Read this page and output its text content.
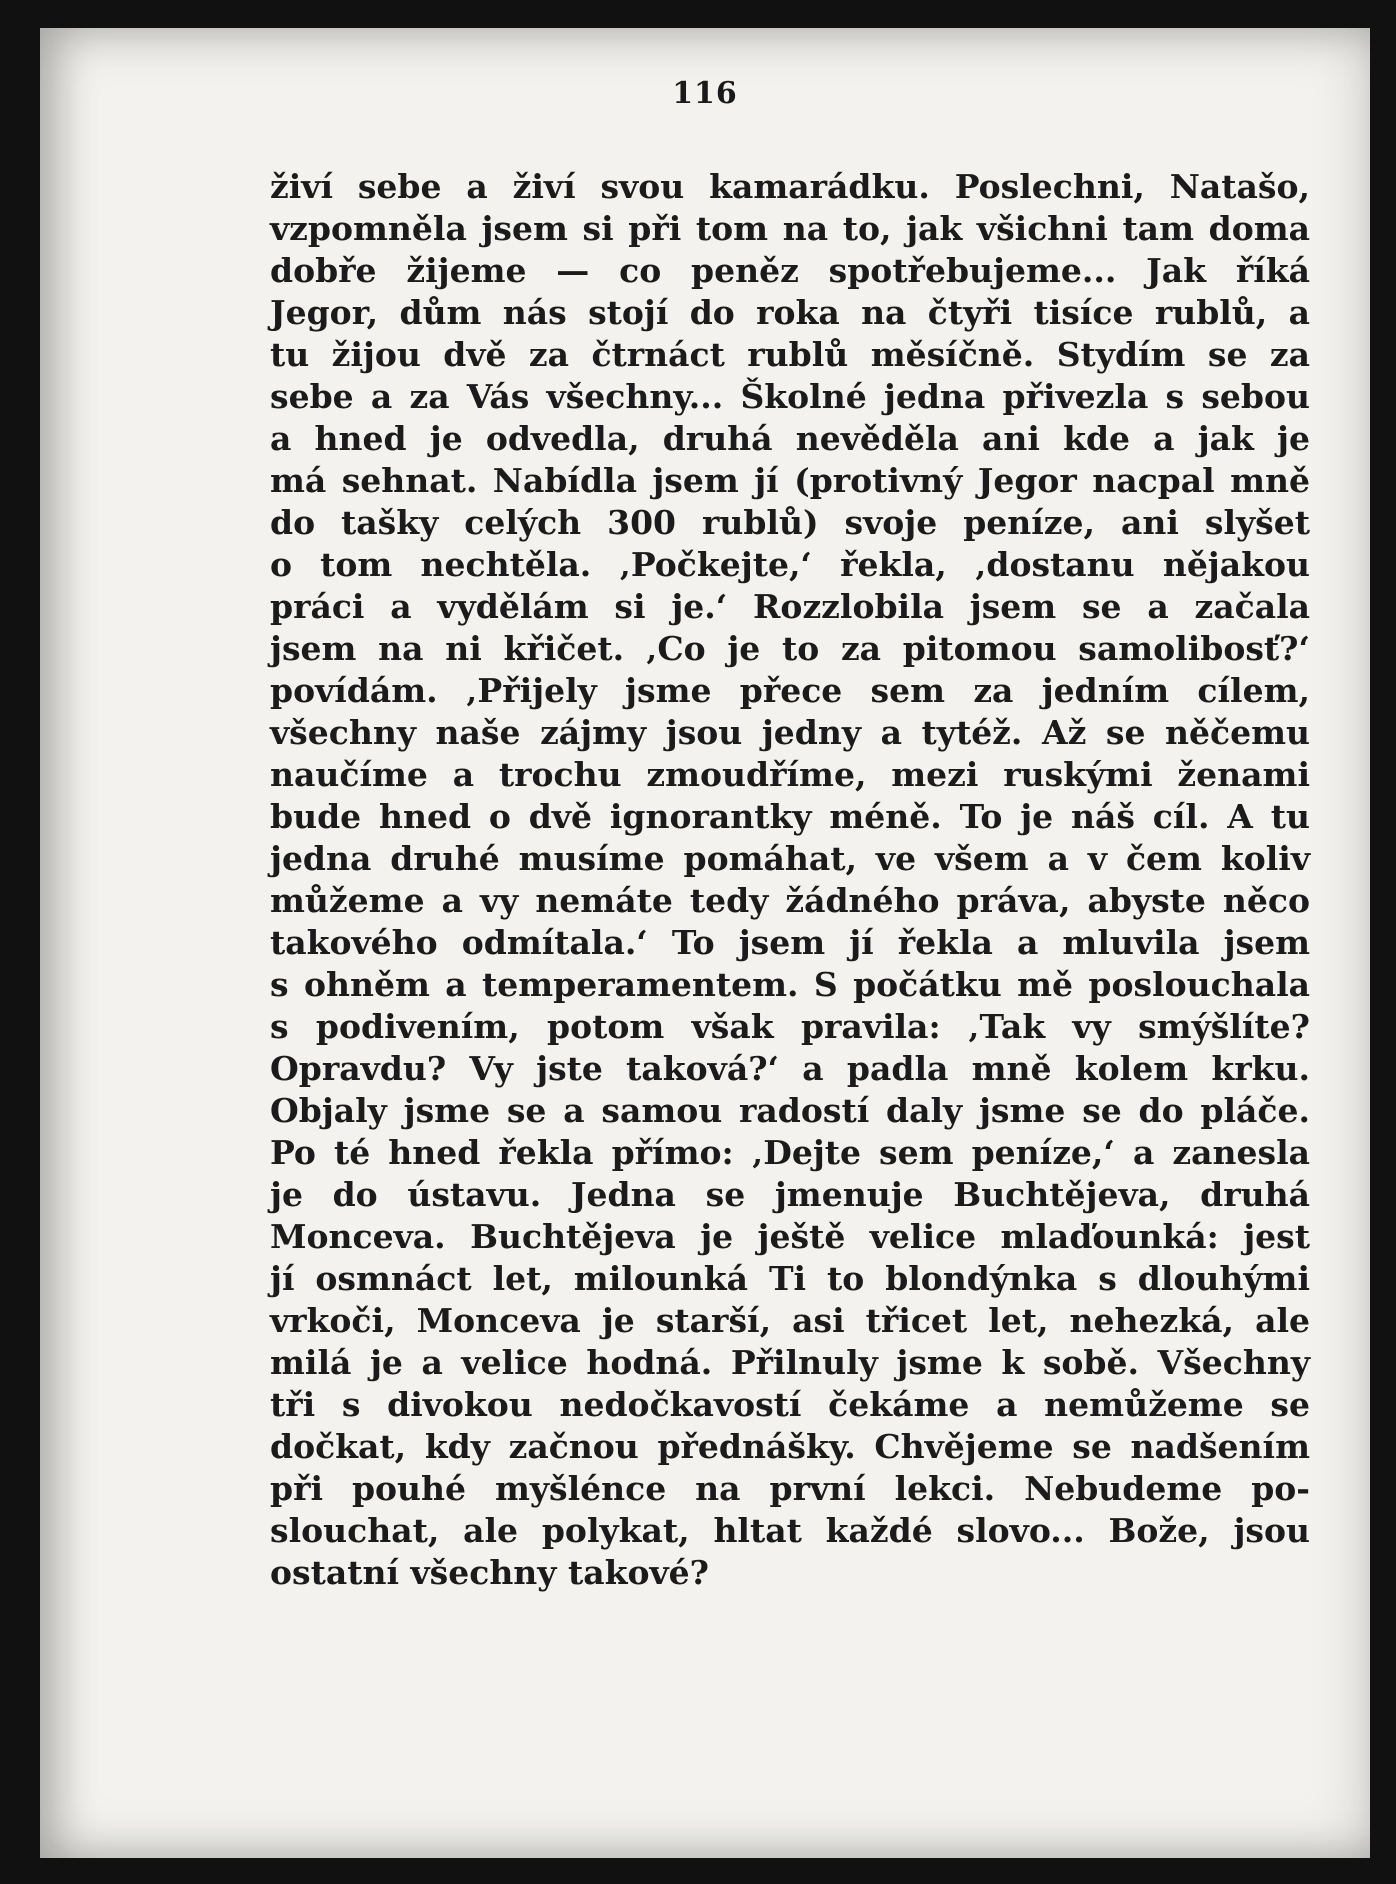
116
živí sebe a živí svou kamarádku. Poslechni, Natašo,
vzpomněla jsem si při tom na to, jak všichni tam doma
dobře žijeme — co peněz spotřebujeme... Jak říká
Jegor, dům nás stojí do roka na čtyři tisíce rublů, a
tu žijou dvě za čtrnáct rublů měsíčně. Stydím se za
sebe a za Vás všechny... Školné jedna přivezla s sebou
a hned je odvedla, druhá nevěděla ani kde a jak je
má sehnat. Nabídla jsem jí (protivný Jegor nacpal mně
do tašky celých 300 rublů) svoje peníze, ani slyšet
o tom nechtěla. ‚Počkejte,‘ řekla, ‚dostanu nějakou
práci a vydělám si je.‘ Rozzlobila jsem se a začala
jsem na ni křičet. ‚Co je to za pitomou samolibosť?‘
povídám. ‚Přijely jsme přece sem za jedním cílem,
všechny naše zájmy jsou jedny a tytéž. Až se něčemu
naučíme a trochu zmoudříme, mezi ruskými ženami
bude hned o dvě ignorantky méně. To je náš cíl. A tu
jedna druhé musíme pomáhat, ve všem a v čem koliv
můžeme a vy nemáte tedy žádného práva, abyste něco
takového odmítala.‘ To jsem jí řekla a mluvila jsem
s ohněm a temperamentem. S počátku mě poslouchala
s podivením, potom však pravila: ‚Tak vy smýšlíte?
Opravdu? Vy jste taková?‘ a padla mně kolem krku.
Objaly jsme se a samou radostí daly jsme se do pláče.
Po té hned řekla přímo: ‚Dejte sem peníze,‘ a zanesla
je do ústavu. Jedna se jmenuje Buchtějeva, druhá
Monceva. Buchtějeva je ještě velice mlaďounká: jest
jí osmnáct let, milounká Ti to blondýnka s dlouhými
vrkoči, Monceva je starší, asi třicet let, nehezká, ale
milá je a velice hodná. Přilnuly jsme k sobě. Všechny
tři s divokou nedočkavostí čekáme a nemůžeme se
dočkat, kdy začnou přednášky. Chvějeme se nadšením
při pouhé myšlénce na první lekci. Nebudeme po-
slouchat, ale polykat, hltat každé slovo... Bože, jsou
ostatní všechny takové?
